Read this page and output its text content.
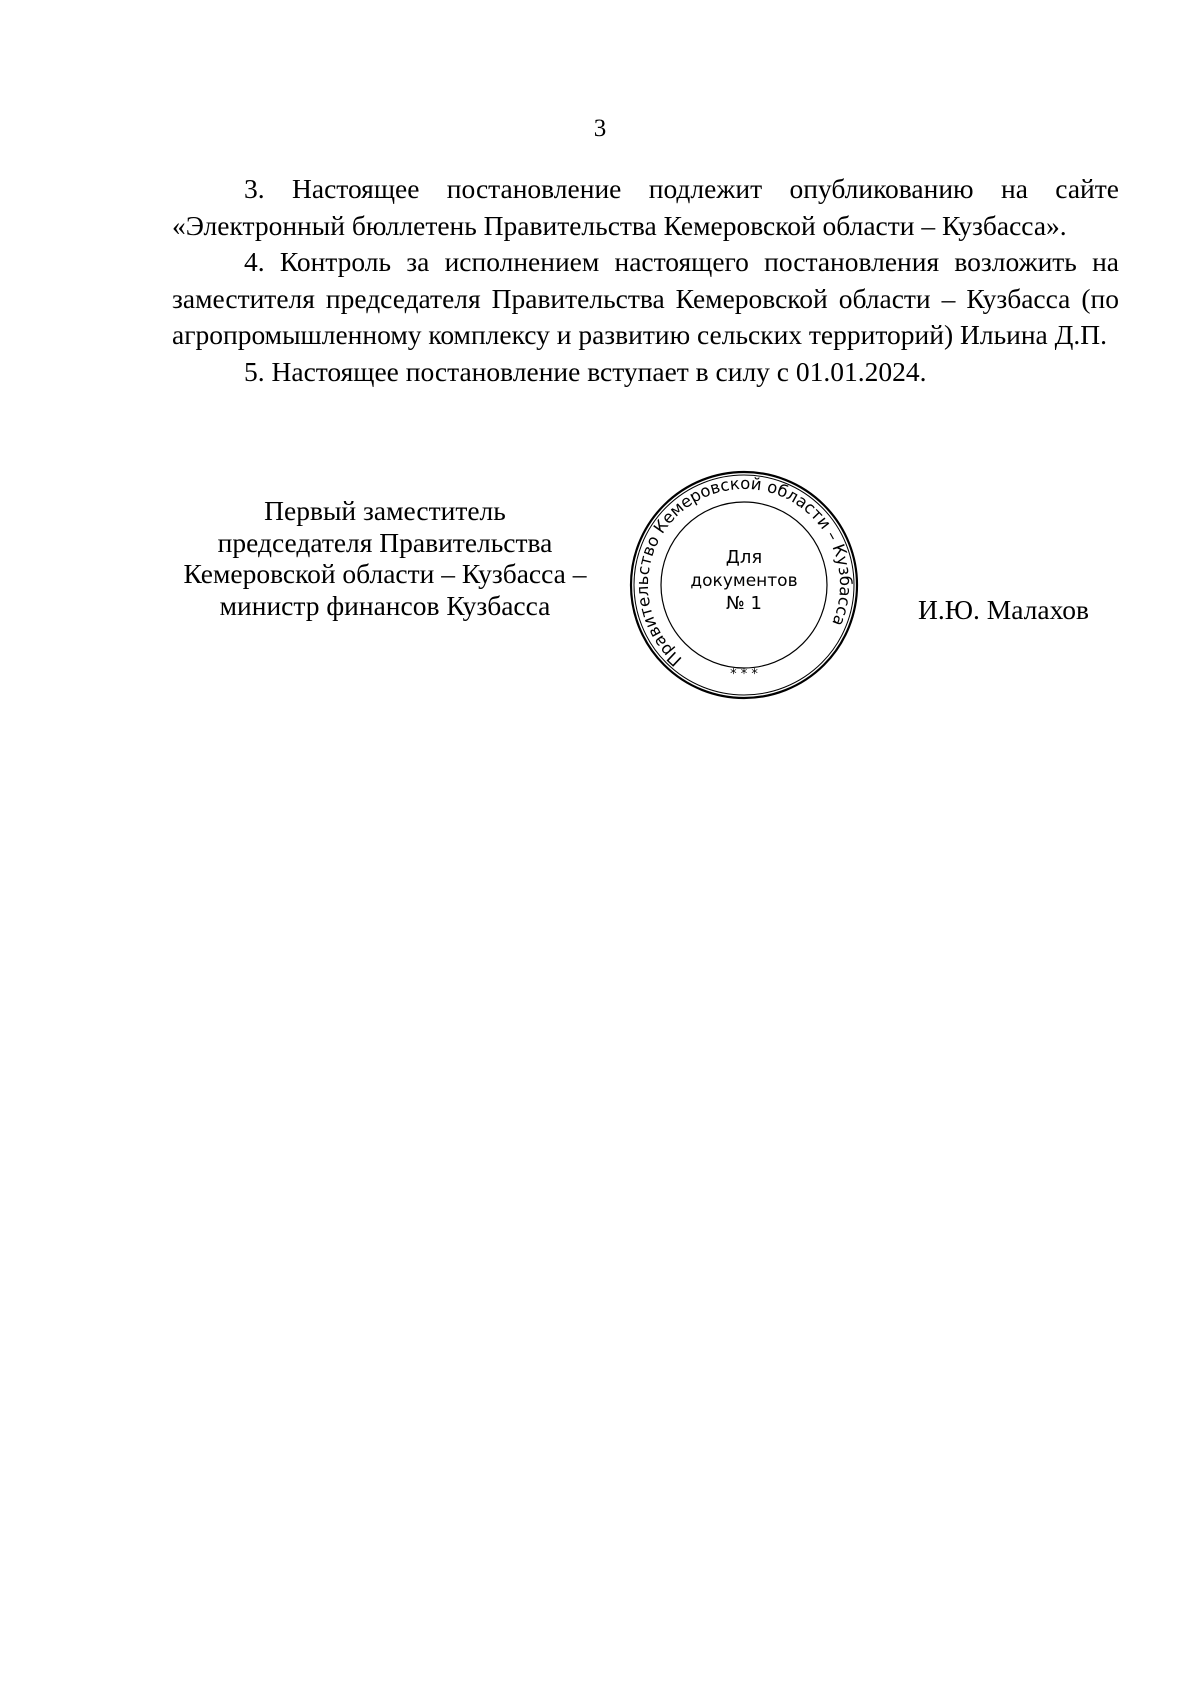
3

3. Настоящее постановление подлежит опубликованию на сайте «Электронный бюллетень Правительства Кемеровской области – Кузбасса».

4. Контроль за исполнением настоящего постановления возложить на заместителя председателя Правительства Кемеровской области – Кузбасса (по агропромышленному комплексу и развитию сельских территорий) Ильина Д.П.

5. Настоящее постановление вступает в силу с 01.01.2024.

Первый заместитель
председателя Правительства
Кемеровской области – Кузбасса –
министр финансов Кузбасса
Правительство Кемеровской области – Кузбасса
* * *
Для
документов
№ 1	И.Ю. Малахов
